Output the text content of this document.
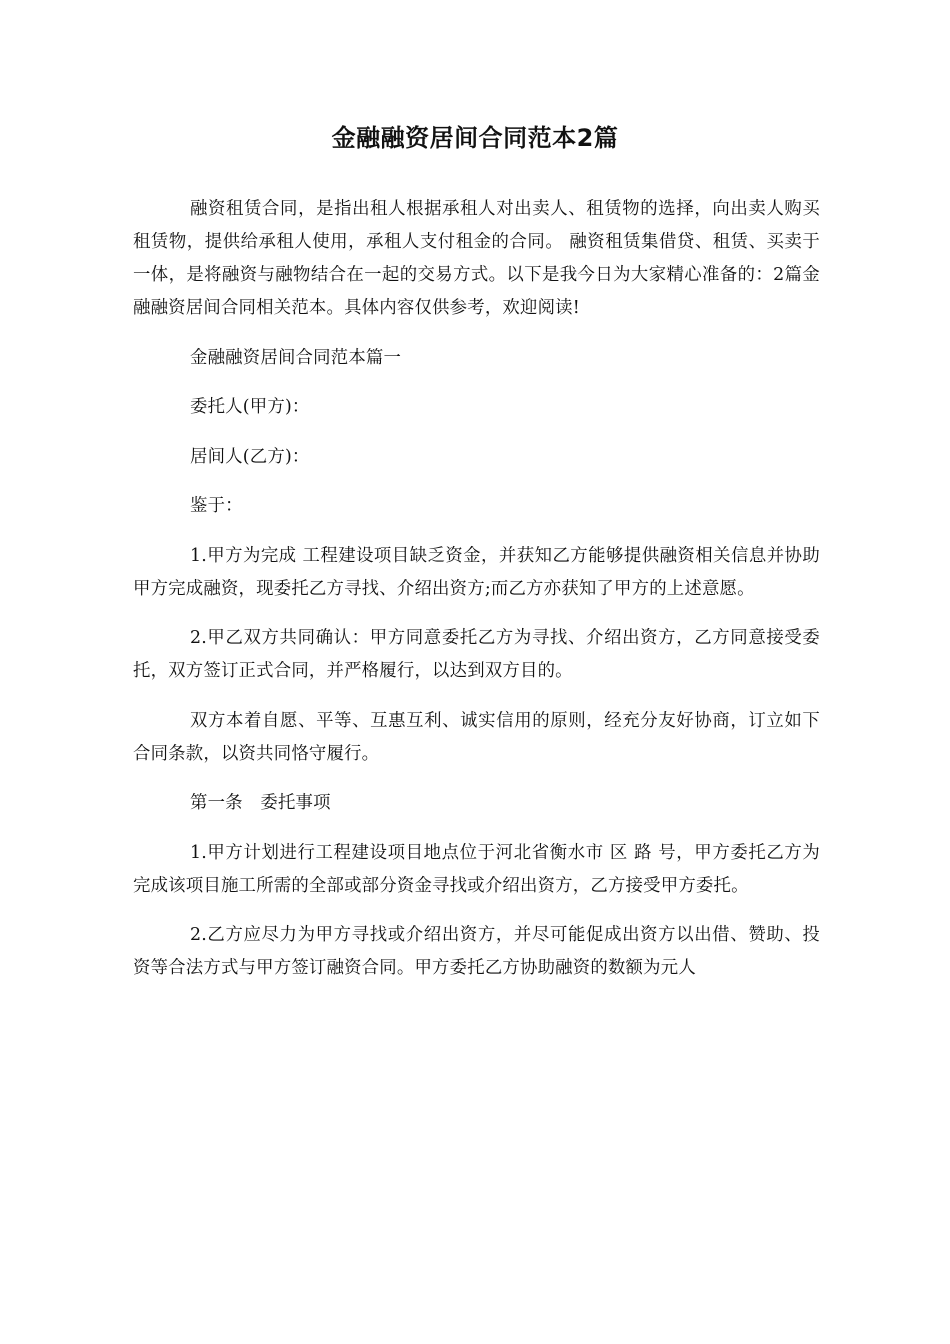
金融融资居间合同范本2篇

融资租赁合同，是指出租人根据承租人对出卖人、租赁物的选择，向出卖人购买租赁物，提供给承租人使用，承租人支付租金的合同。 融资租赁集借贷、租赁、买卖于一体，是将融资与融物结合在一起的交易方式。以下是我今日为大家精心准备的：2篇金融融资居间合同相关范本。具体内容仅供参考，欢迎阅读!

金融融资居间合同范本篇一

委托人(甲方)：

居间人(乙方)：

鉴于：

1.甲方为完成 工程建设项目缺乏资金，并获知乙方能够提供融资相关信息并协助甲方完成融资，现委托乙方寻找、介绍出资方;而乙方亦获知了甲方的上述意愿。

2.甲乙双方共同确认：甲方同意委托乙方为寻找、介绍出资方，乙方同意接受委托，双方签订正式合同，并严格履行，以达到双方目的。

双方本着自愿、平等、互惠互利、诚实信用的原则，经充分友好协商，订立如下合同条款，以资共同恪守履行。

第一条　委托事项

1.甲方计划进行工程建设项目地点位于河北省衡水市 区 路 号，甲方委托乙方为完成该项目施工所需的全部或部分资金寻找或介绍出资方，乙方接受甲方委托。

2.乙方应尽力为甲方寻找或介绍出资方，并尽可能促成出资方以出借、赞助、投资等合法方式与甲方签订融资合同。甲方委托乙方协助融资的数额为元人
